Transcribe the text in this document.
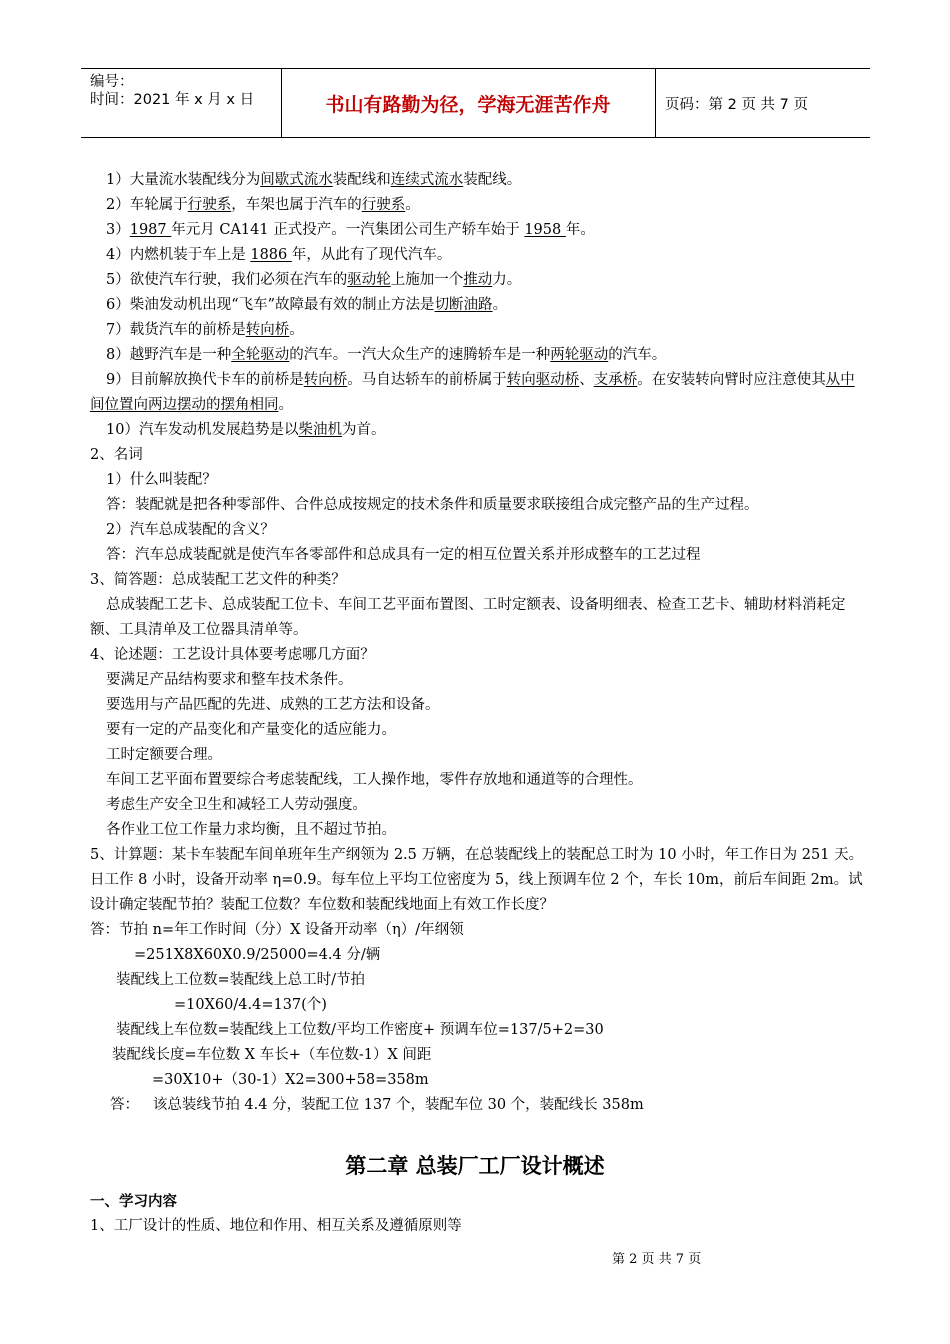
编号：
时间：2021 年 x 月 x 日	书山有路勤为径，学海无涯苦作舟	页码：第 2 页 共 7 页

1）大量流水装配线分为间歇式流水装配线和连续式流水装配线。

2）车轮属于行驶系，车架也属于汽车的行驶系。

3）1987 年元月 CA141 正式投产。一汽集团公司生产轿车始于 1958 年。

4）内燃机装于车上是 1886 年，从此有了现代汽车。

5）欲使汽车行驶，我们必须在汽车的驱动轮上施加一个推动力。

6）柴油发动机出现“飞车”故障最有效的制止方法是切断油路。

7）载货汽车的前桥是转向桥。

8）越野汽车是一种全轮驱动的汽车。一汽大众生产的速腾轿车是一种两轮驱动的汽车。

9）目前解放换代卡车的前桥是转向桥。马自达轿车的前桥属于转向驱动桥、支承桥。在安装转向臂时应注意使其从中间位置向两边摆动的摆角相同。

10）汽车发动机发展趋势是以柴油机为首。

2、名词

1）什么叫装配？

答：装配就是把各种零部件、合件总成按规定的技术条件和质量要求联接组合成完整产品的生产过程。

2）汽车总成装配的含义？

答：汽车总成装配就是使汽车各零部件和总成具有一定的相互位置关系并形成整车的工艺过程

3、简答题：总成装配工艺文件的种类？

总成装配工艺卡、总成装配工位卡、车间工艺平面布置图、工时定额表、设备明细表、检查工艺卡、辅助材料消耗定额、工具清单及工位器具清单等。

4、论述题：工艺设计具体要考虑哪几方面？

要满足产品结构要求和整车技术条件。

要选用与产品匹配的先进、成熟的工艺方法和设备。

要有一定的产品变化和产量变化的适应能力。

工时定额要合理。

车间工艺平面布置要综合考虑装配线，工人操作地，零件存放地和通道等的合理性。

考虑生产安全卫生和减轻工人劳动强度。

各作业工位工作量力求均衡，且不超过节拍。

5、计算题：某卡车装配车间单班年生产纲领为 2.5 万辆，在总装配线上的装配总工时为 10 小时，年工作日为 251 天。日工作 8 小时，设备开动率 η=0.9。每车位上平均工位密度为 5，线上预调车位 2 个，车长 10m，前后车间距 2m。试设计确定装配节拍？装配工位数？车位数和装配线地面上有效工作长度？

答：节拍 n=年工作时间（分）X 设备开动率（η）/年纲领

=251X8X60X0.9/25000=4.4 分/辆

装配线上工位数=装配线上总工时/节拍

=10X60/4.4=137(个)

装配线上车位数=装配线上工位数/平均工作密度+ 预调车位=137/5+2=30

装配线长度=车位数 X 车长+（车位数-1）X 间距

=30X10+（30-1）X2=300+58=358m

答：   该总装线节拍 4.4 分，装配工位 137 个，装配车位 30 个，装配线长 358m

第二章 总装厂工厂设计概述
一、学习内容
1、工厂设计的性质、地位和作用、相互关系及遵循原则等
第 2 页 共 7 页
